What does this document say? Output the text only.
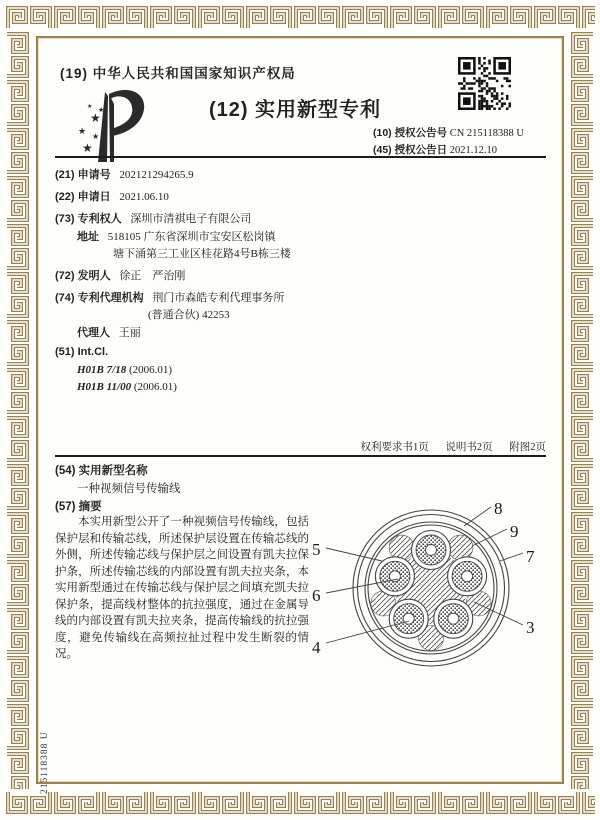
(19) 中华人民共和国国家知识产权局
★
★
★
★
★
★	(12) 实用新型专利
(10) 授权公告号 CN 215118388 U
(45) 授权公告日 2021.12.10
(21) 申请号 202121294265.9
(22) 申请日 2021.06.10
(73) 专利权人 深圳市清祺电子有限公司
地址 518105 广东省深圳市宝安区松岗镇
塘下涌第三工业区桂花路4号B栋三楼
(72) 发明人 徐正　严治刚
(74) 专利代理机构 荆门市森皓专利代理事务所
(普通合伙) 42253
代理人 王丽
(51) Int.Cl.
H01B 7/18 (2006.01)
H01B 11/00 (2006.01)
权利要求书1页 说明书2页 附图2页
(54) 实用新型名称
一种视频信号传输线
(57) 摘要
本实用新型公开了一种视频信号传输线，包括保护层和传输芯线，所述保护层设置在传输芯线的外侧，所述传输芯线与保护层之间设置有凯夫拉保护条，所述传输芯线的内部设置有凯夫拉夹条，本实用新型通过在传输芯线与保护层之间填充凯夫拉保护条，提高线材整体的抗拉强度，通过在金属导线的内部设置有凯夫拉夹条，提高传输线的抗拉强度，避免传输线在高频拉扯过程中发生断裂的情况。
8
9
7
3
5
6
4
215118388 U
